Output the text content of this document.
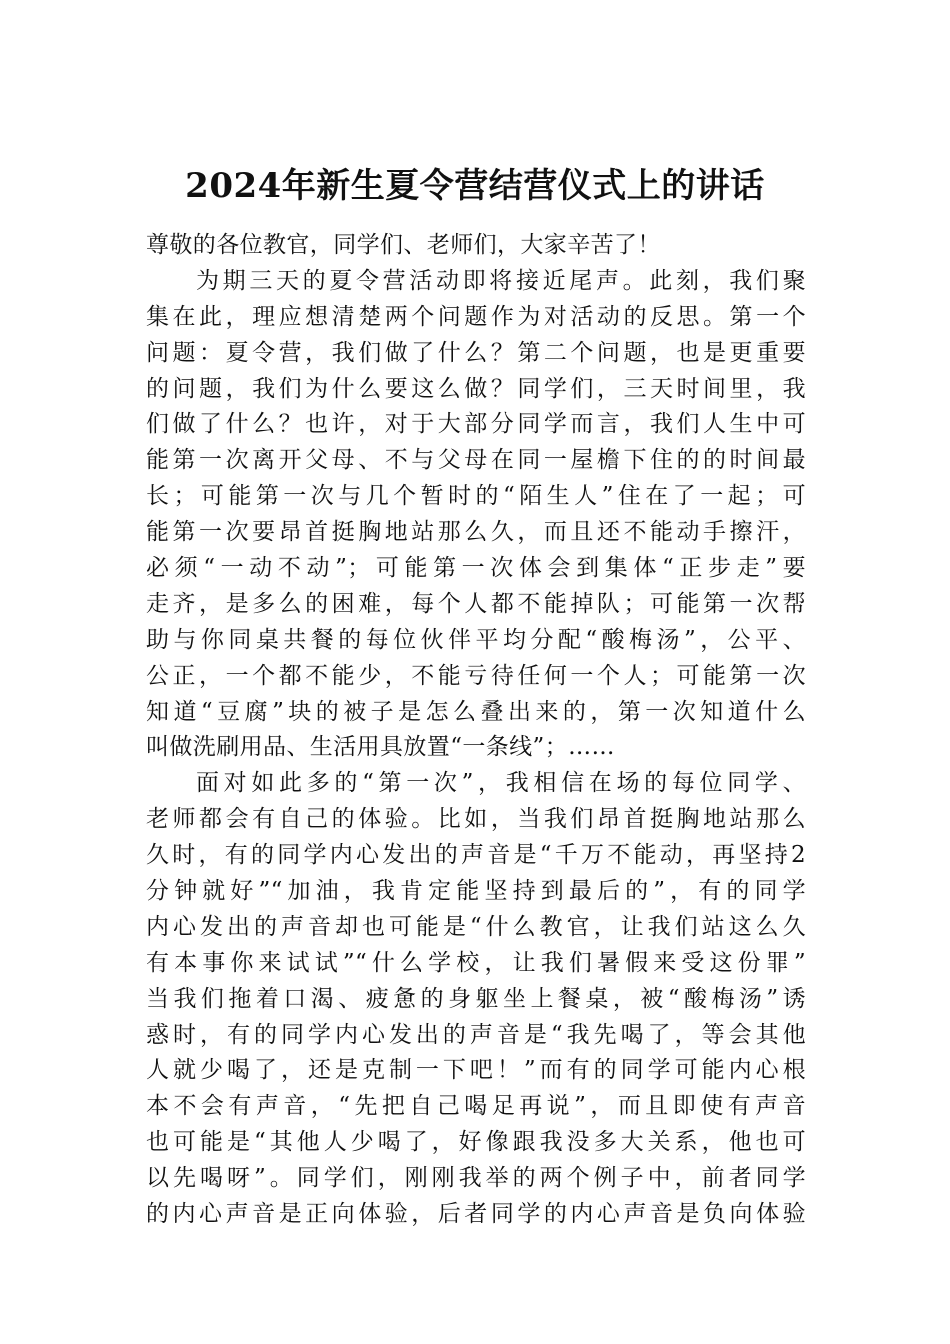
2024年新生夏令营结营仪式上的讲话

尊敬的各位教官，同学们、老师们，大家辛苦了！

为期三天的夏令营活动即将接近尾声。此刻，我们聚

集在此，理应想清楚两个问题作为对活动的反思。第一个

问题：夏令营，我们做了什么？第二个问题，也是更重要

的问题，我们为什么要这么做？同学们，三天时间里，我

们做了什么？也许，对于大部分同学而言，我们人生中可

能第一次离开父母、不与父母在同一屋檐下住的的时间最

长；可能第一次与几个暂时的“陌生人”住在了一起；可

能第一次要昂首挺胸地站那么久，而且还不能动手擦汗，

必须“一动不动”；可能第一次体会到集体“正步走”要

走齐，是多么的困难，每个人都不能掉队；可能第一次帮

助与你同桌共餐的每位伙伴平均分配“酸梅汤”，公平、

公正，一个都不能少，不能亏待任何一个人；可能第一次

知道“豆腐”块的被子是怎么叠出来的，第一次知道什么

叫做洗刷用品、生活用具放置“一条线”；……

面对如此多的“第一次”，我相信在场的每位同学、

老师都会有自己的体验。比如，当我们昂首挺胸地站那么

久时，有的同学内心发出的声音是“千万不能动，再坚持2

分钟就好”“加油，我肯定能坚持到最后的”，有的同学

内心发出的声音却也可能是“什么教官，让我们站这么久

有本事你来试试”“什么学校，让我们暑假来受这份罪”

当我们拖着口渴、疲惫的身躯坐上餐桌，被“酸梅汤”诱

惑时，有的同学内心发出的声音是“我先喝了，等会其他

人就少喝了，还是克制一下吧！”而有的同学可能内心根

本不会有声音，“先把自己喝足再说”，而且即使有声音

也可能是“其他人少喝了，好像跟我没多大关系，他也可

以先喝呀”。同学们，刚刚我举的两个例子中，前者同学

的内心声音是正向体验，后者同学的内心声音是负向体验
